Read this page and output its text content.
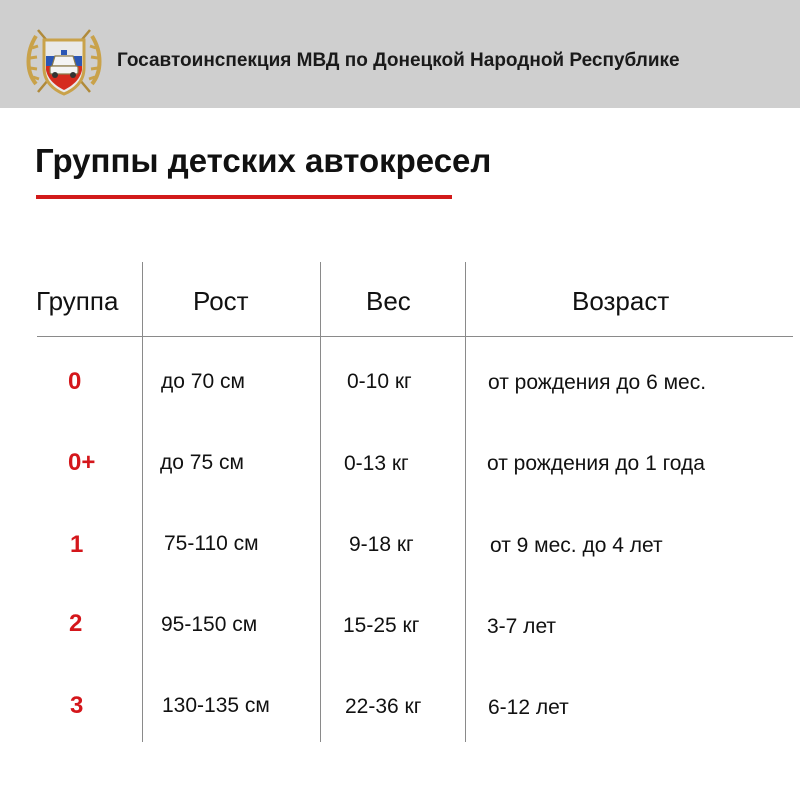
Госавтоинспекция МВД по Донецкой Народной Республике
Группы детских автокресел
Группа	Рост	Вес	Возраст
0	до 70 см	0-10 кг	от рождения до 6 мес.
0+	до 75 см	0-13 кг	от рождения до 1 года
1	75-110 см	9-18 кг	от 9 мес. до 4 лет
2	95-150 см	15-25 кг	3-7 лет
3	130-135 см	22-36 кг	6-12 лет
